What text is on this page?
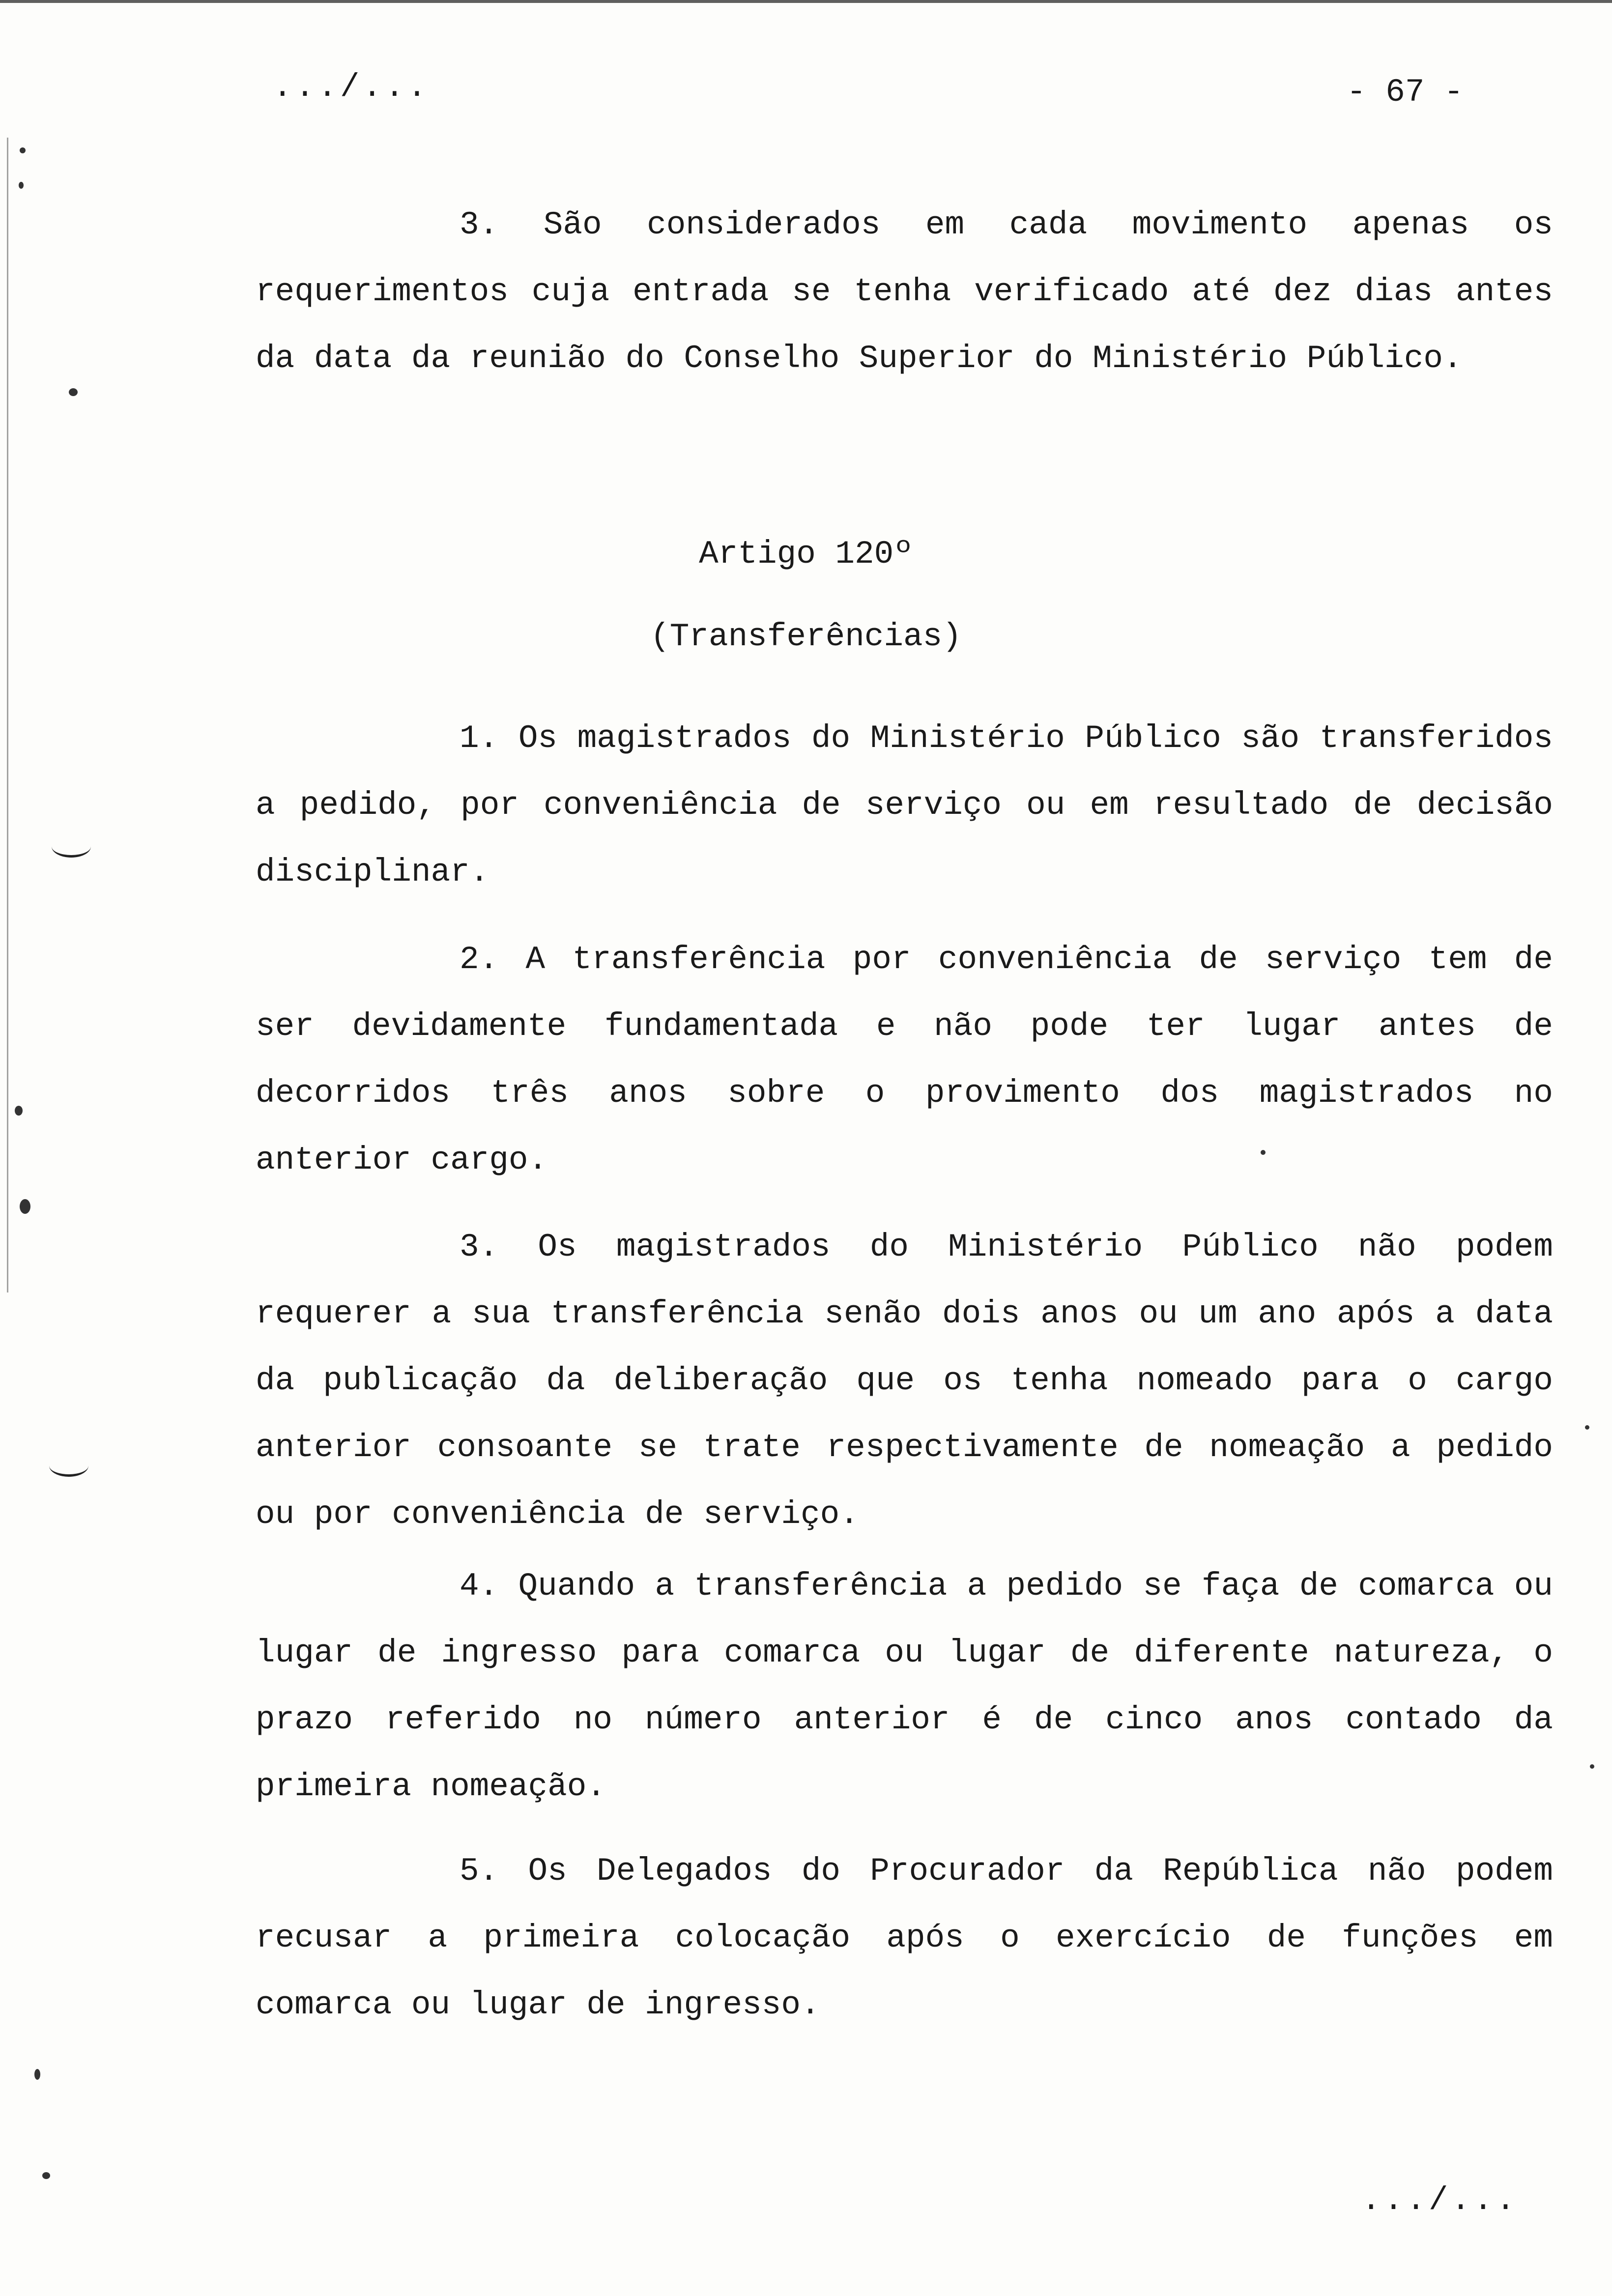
.../...	- 67 -

3. São considerados em cada movimento apenas os requerimentos cuja entrada se tenha verificado até dez dias antes da data da reunião do Conselho Superior do Ministério Público.

Artigo 120º
(Transferências)

1. Os magistrados do Ministério Público são transferidos a pedido, por conveniência de serviço ou em resultado de decisão disciplinar.

2. A transferência por conveniência de serviço tem de ser devidamente fundamentada e não pode ter lugar antes de decorridos três anos sobre o provimento dos magistrados no anterior cargo.

3. Os magistrados do Ministério Público não podem requerer a sua transferência senão dois anos ou um ano após a data da publicação da deliberação que os tenha nomeado para o cargo anterior consoante se trate respectivamente de nomeação a pedido ou por conveniência de serviço.

4. Quando a transferência a pedido se faça de comarca ou lugar de ingresso para comarca ou lugar de diferente natureza, o prazo referido no número anterior é de cinco anos contado da primeira nomeação.

5. Os Delegados do Procurador da República não podem recusar a primeira colocação após o exercício de funções em comarca ou lugar de ingresso.

.../...
